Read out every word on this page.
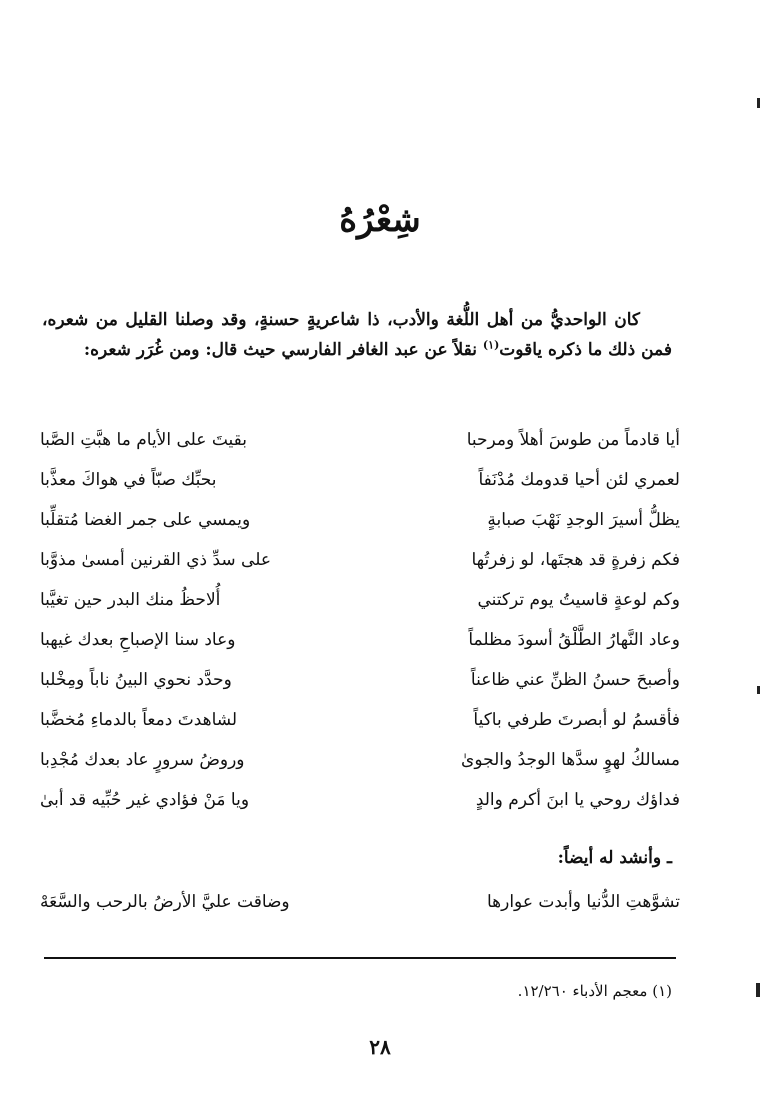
شِعْرُهُ

كان الواحديُّ من أهل اللُّغة والأدب، ذا شاعريةٍ حسنةٍ، وقد وصلنا القليل من شعره، فمن ذلك ما ذكره ياقوت$^{(١)}$ نقلاً عن عبد الغافر الفارسي حيث قال: ومن غُرَر شعره:

أيا قادماً من طوسَ أهلاً ومرحبا
بقيتَ على الأيام ما هبَّتِ الصَّبا
لعمري لئن أحيا قدومك مُدْنَفاً
بحبِّك صبّاً في هواكَ معذَّبا
يظلُّ أسيرَ الوجدِ نَهْبَ صبابةٍ
ويمسي على جمر الغضا مُتقلِّبا
فكم زفرةٍ قد هجتَها، لو زفرتُها
على سدِّ ذي القرنين أمسىٰ مذوَّبا
وكم لوعةٍ قاسيتُ يوم تركتني
أُلاحظُ منك البدر حين تغيَّبا
وعاد النَّهارُ الطَّلْقُ أسودَ مظلماً
وعاد سنا الإصباحِ بعدك غيهبا
وأصبحَ حسنُ الظنِّ عني ظاعناً
وحدَّد نحوي البينُ ناباً ومِخْلبا
فأقسمُ لو أبصرتَ طرفي باكياً
لشاهدتَ دمعاً بالدماءِ مُخضَّبا
مسالكُ لهوٍ سدَّها الوجدُ والجوىٰ
وروضُ سرورٍ عاد بعدك مُجْدِبا
فداؤك روحي يا ابنَ أكرم والدٍ
ويا مَنْ فؤادي غير حُبِّيه قد أبىٰ
ـ وأنشد له أيضاً:
تشوَّهتِ الدُّنيا وأبدت عوارها
وضاقت عليَّ الأرضُ بالرحب والسَّعَهْ
(١) معجم الأدباء ١٢/٢٦٠.
٢٨
